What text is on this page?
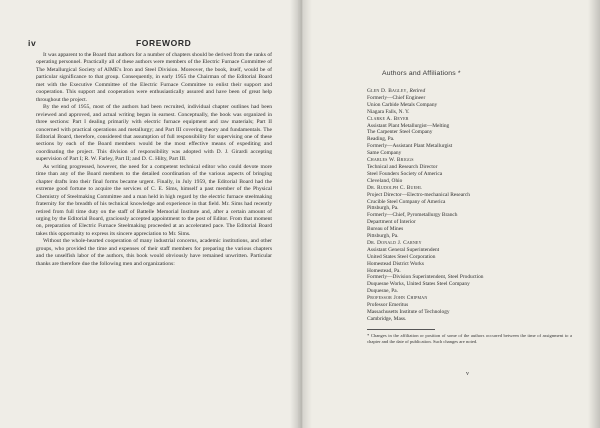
iv	FOREWORD

It was apparent to the Board that authors for a number of chapters should be derived from the ranks of operating personnel. Practically all of these authors were members of the Electric Furnace Committee of The Metallurgical Society of AIME's Iron and Steel Division. Moreover, the book, itself, would be of particular significance to that group. Consequently, in early 1955 the Chairman of the Editorial Board met with the Executive Committee of the Electric Furnace Committee to enlist their support and cooperation. This support and cooperation were enthusiastically assured and have been of great help throughout the project.

By the end of 1955, most of the authors had been recruited, individual chapter outlines had been reviewed and approved, and actual writing began in earnest. Conceptually, the book was organized in three sections: Part I dealing primarily with electric furnace equipment and raw materials; Part II concerned with practical operations and metallurgy; and Part III covering theory and fundamentals. The Editorial Board, therefore, considered that assumption of full responsibility for supervising one of these sections by each of the Board members would be the most effective means of expediting and coordinating the project. This division of responsibility was adopted with D. J. Girardi accepting supervision of Part I; R. W. Farley, Part II; and D. C. Hilty, Part III.

As writing progressed, however, the need for a competent technical editor who could devote more time than any of the Board members to the detailed coordination of the various aspects of bringing chapter drafts into their final forms became urgent. Finally, in July 1959, the Editorial Board had the extreme good fortune to acquire the services of C. E. Sims, himself a past member of the Physical Chemistry of Steelmaking Committee and a man held in high regard by the electric furnace steelmaking fraternity for the breadth of his technical knowledge and experience in that field. Mr. Sims had recently retired from full time duty on the staff of Battelle Memorial Institute and, after a certain amount of urging by the Editorial Board, graciously accepted appointment to the post of Editor. From that moment on, preparation of Electric Furnace Steelmaking proceeded at an accelerated pace. The Editorial Board takes this opportunity to express its sincere appreciation to Mr. Sims.

Without the whole-hearted cooperation of many industrial concerns, academic institutions, and other groups, who provided the time and expenses of their staff members for preparing the various chapters and the unselfish labor of the authors, this book would obviously have remained unwritten. Particular thanks are therefore due the following men and organizations:

Authors and Affiliations *
Glen D. Bagley, Retired
Formerly—Chief Engineer
Union Carbide Metals Company
Niagara Falls, N. Y.
Clarke A. Beyer
Assistant Plant Metallurgist—Melting
The Carpenter Steel Company
Reading, Pa.
Formerly—Assistant Plant Metallurgist
Same Company
Charles W. Briggs
Technical and Research Director
Steel Founders Society of America
Cleveland, Ohio
Dr. Rudolph C. Buehl
Project Director—Electro-mechanical Research
Crucible Steel Company of America
Pittsburgh, Pa.
Formerly—Chief, Pyrometallurgy Branch
Department of Interior
Bureau of Mines
Pittsburgh, Pa.
Dr. Donald J. Carney
Assistant General Superintendent
United States Steel Corporation
Homestead District Works
Homestead, Pa.
Formerly—Division Superintendent, Steel Production
Duquesne Works, United States Steel Company
Duquesne, Pa.
Professor John Chipman
Professor Emeritus
Massachusetts Institute of Technology
Cambridge, Mass.
* Changes in the affiliation or position of some of the authors occurred between the time of assignment to a chapter and the date of publication. Such changes are noted.
v
